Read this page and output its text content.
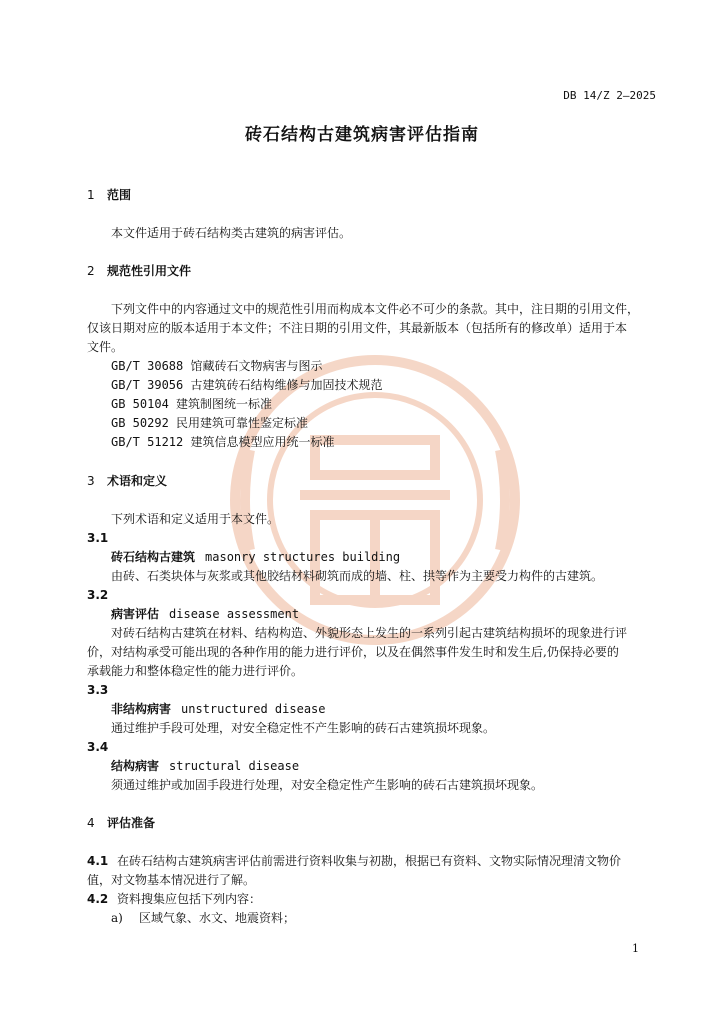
DB 14/Z 2—2025
砖石结构古建筑病害评估指南
1 范围
本文件适用于砖石结构类古建筑的病害评估。
2 规范性引用文件
下列文件中的内容通过文中的规范性引用而构成本文件必不可少的条款。其中，注日期的引用文件，
仅该日期对应的版本适用于本文件；不注日期的引用文件，其最新版本（包括所有的修改单）适用于本
文件。
GB/T 30688 馆藏砖石文物病害与图示
GB/T 39056 古建筑砖石结构维修与加固技术规范
GB 50104 建筑制图统一标准
GB 50292 民用建筑可靠性鉴定标准
GB/T 51212 建筑信息模型应用统一标准
3 术语和定义
下列术语和定义适用于本文件。
3.1
砖石结构古建筑 masonry structures building
由砖、石类块体与灰浆或其他胶结材料砌筑而成的墙、柱、拱等作为主要受力构件的古建筑。
3.2
病害评估 disease assessment
对砖石结构古建筑在材料、结构构造、外貌形态上发生的一系列引起古建筑结构损坏的现象进行评
价，对结构承受可能出现的各种作用的能力进行评价，以及在偶然事件发生时和发生后,仍保持必要的
承载能力和整体稳定性的能力进行评价。
3.3
非结构病害 unstructured disease
通过维护手段可处理，对安全稳定性不产生影响的砖石古建筑损坏现象。
3.4
结构病害 structural disease
须通过维护或加固手段进行处理，对安全稳定性产生影响的砖石古建筑损坏现象。
4 评估准备
4.1 在砖石结构古建筑病害评估前需进行资料收集与初勘，根据已有资料、文物实际情况理清文物价
值，对文物基本情况进行了解。
4.2 资料搜集应包括下列内容：
a) 区域气象、水文、地震资料；
1
